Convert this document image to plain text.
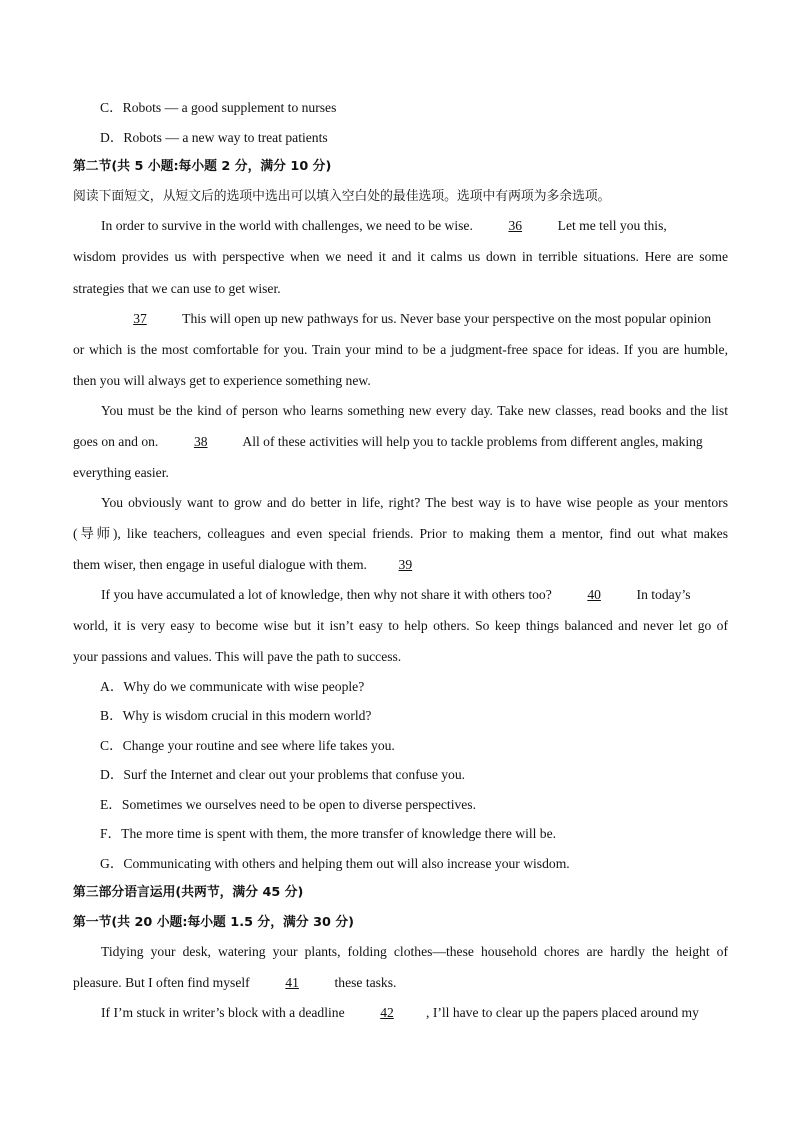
C．Robots — a good supplement to nurses
D．Robots — a new way to treat patients
第二节(共 5 小题:每小题 2 分，满分 10 分)
阅读下面短文，从短文后的选项中选出可以填入空白处的最佳选项。选项中有两项为多余选项。
In order to survive in the world with challenges, we need to be wise.	36	Let me tell you this,
wisdom provides us with perspective when we need it and it calms us down in terrible situations. Here are some
strategies that we can use to get wiser.
37	This will open up new pathways for us. Never base your perspective on the most popular opinion
or which is the most comfortable for you. Train your mind to be a judgment-free space for ideas. If you are humble,
then you will always get to experience something new.
You must be the kind of person who learns something new every day. Take new classes, read books and the list
goes on and on.	38	All of these activities will help you to tackle problems from different angles, making
everything easier.
You obviously want to grow and do better in life, right? The best way is to have wise people as your mentors
(导师), like teachers, colleagues and even special friends. Prior to making them a mentor, find out what makes
them wiser, then engage in useful dialogue with them. 39
If you have accumulated a lot of knowledge, then why not share it with others too?	40	In today’s
world, it is very easy to become wise but it isn’t easy to help others. So keep things balanced and never let go of
your passions and values. This will pave the path to success.
A．Why do we communicate with wise people?
B．Why is wisdom crucial in this modern world?
C．Change your routine and see where life takes you.
D．Surf the Internet and clear out your problems that confuse you.
E．Sometimes we ourselves need to be open to diverse perspectives.
F．The more time is spent with them, the more transfer of knowledge there will be.
G．Communicating with others and helping them out will also increase your wisdom.
第三部分语言运用(共两节，满分 45 分)
第一节(共 20 小题:每小题 1.5 分，满分 30 分)
Tidying your desk, watering your plants, folding clothes—these household chores are hardly the height of
pleasure. But I often find myself	41	these tasks.
If I’m stuck in writer’s block with a deadline	42 , I’ll have to clear up the papers placed around my
